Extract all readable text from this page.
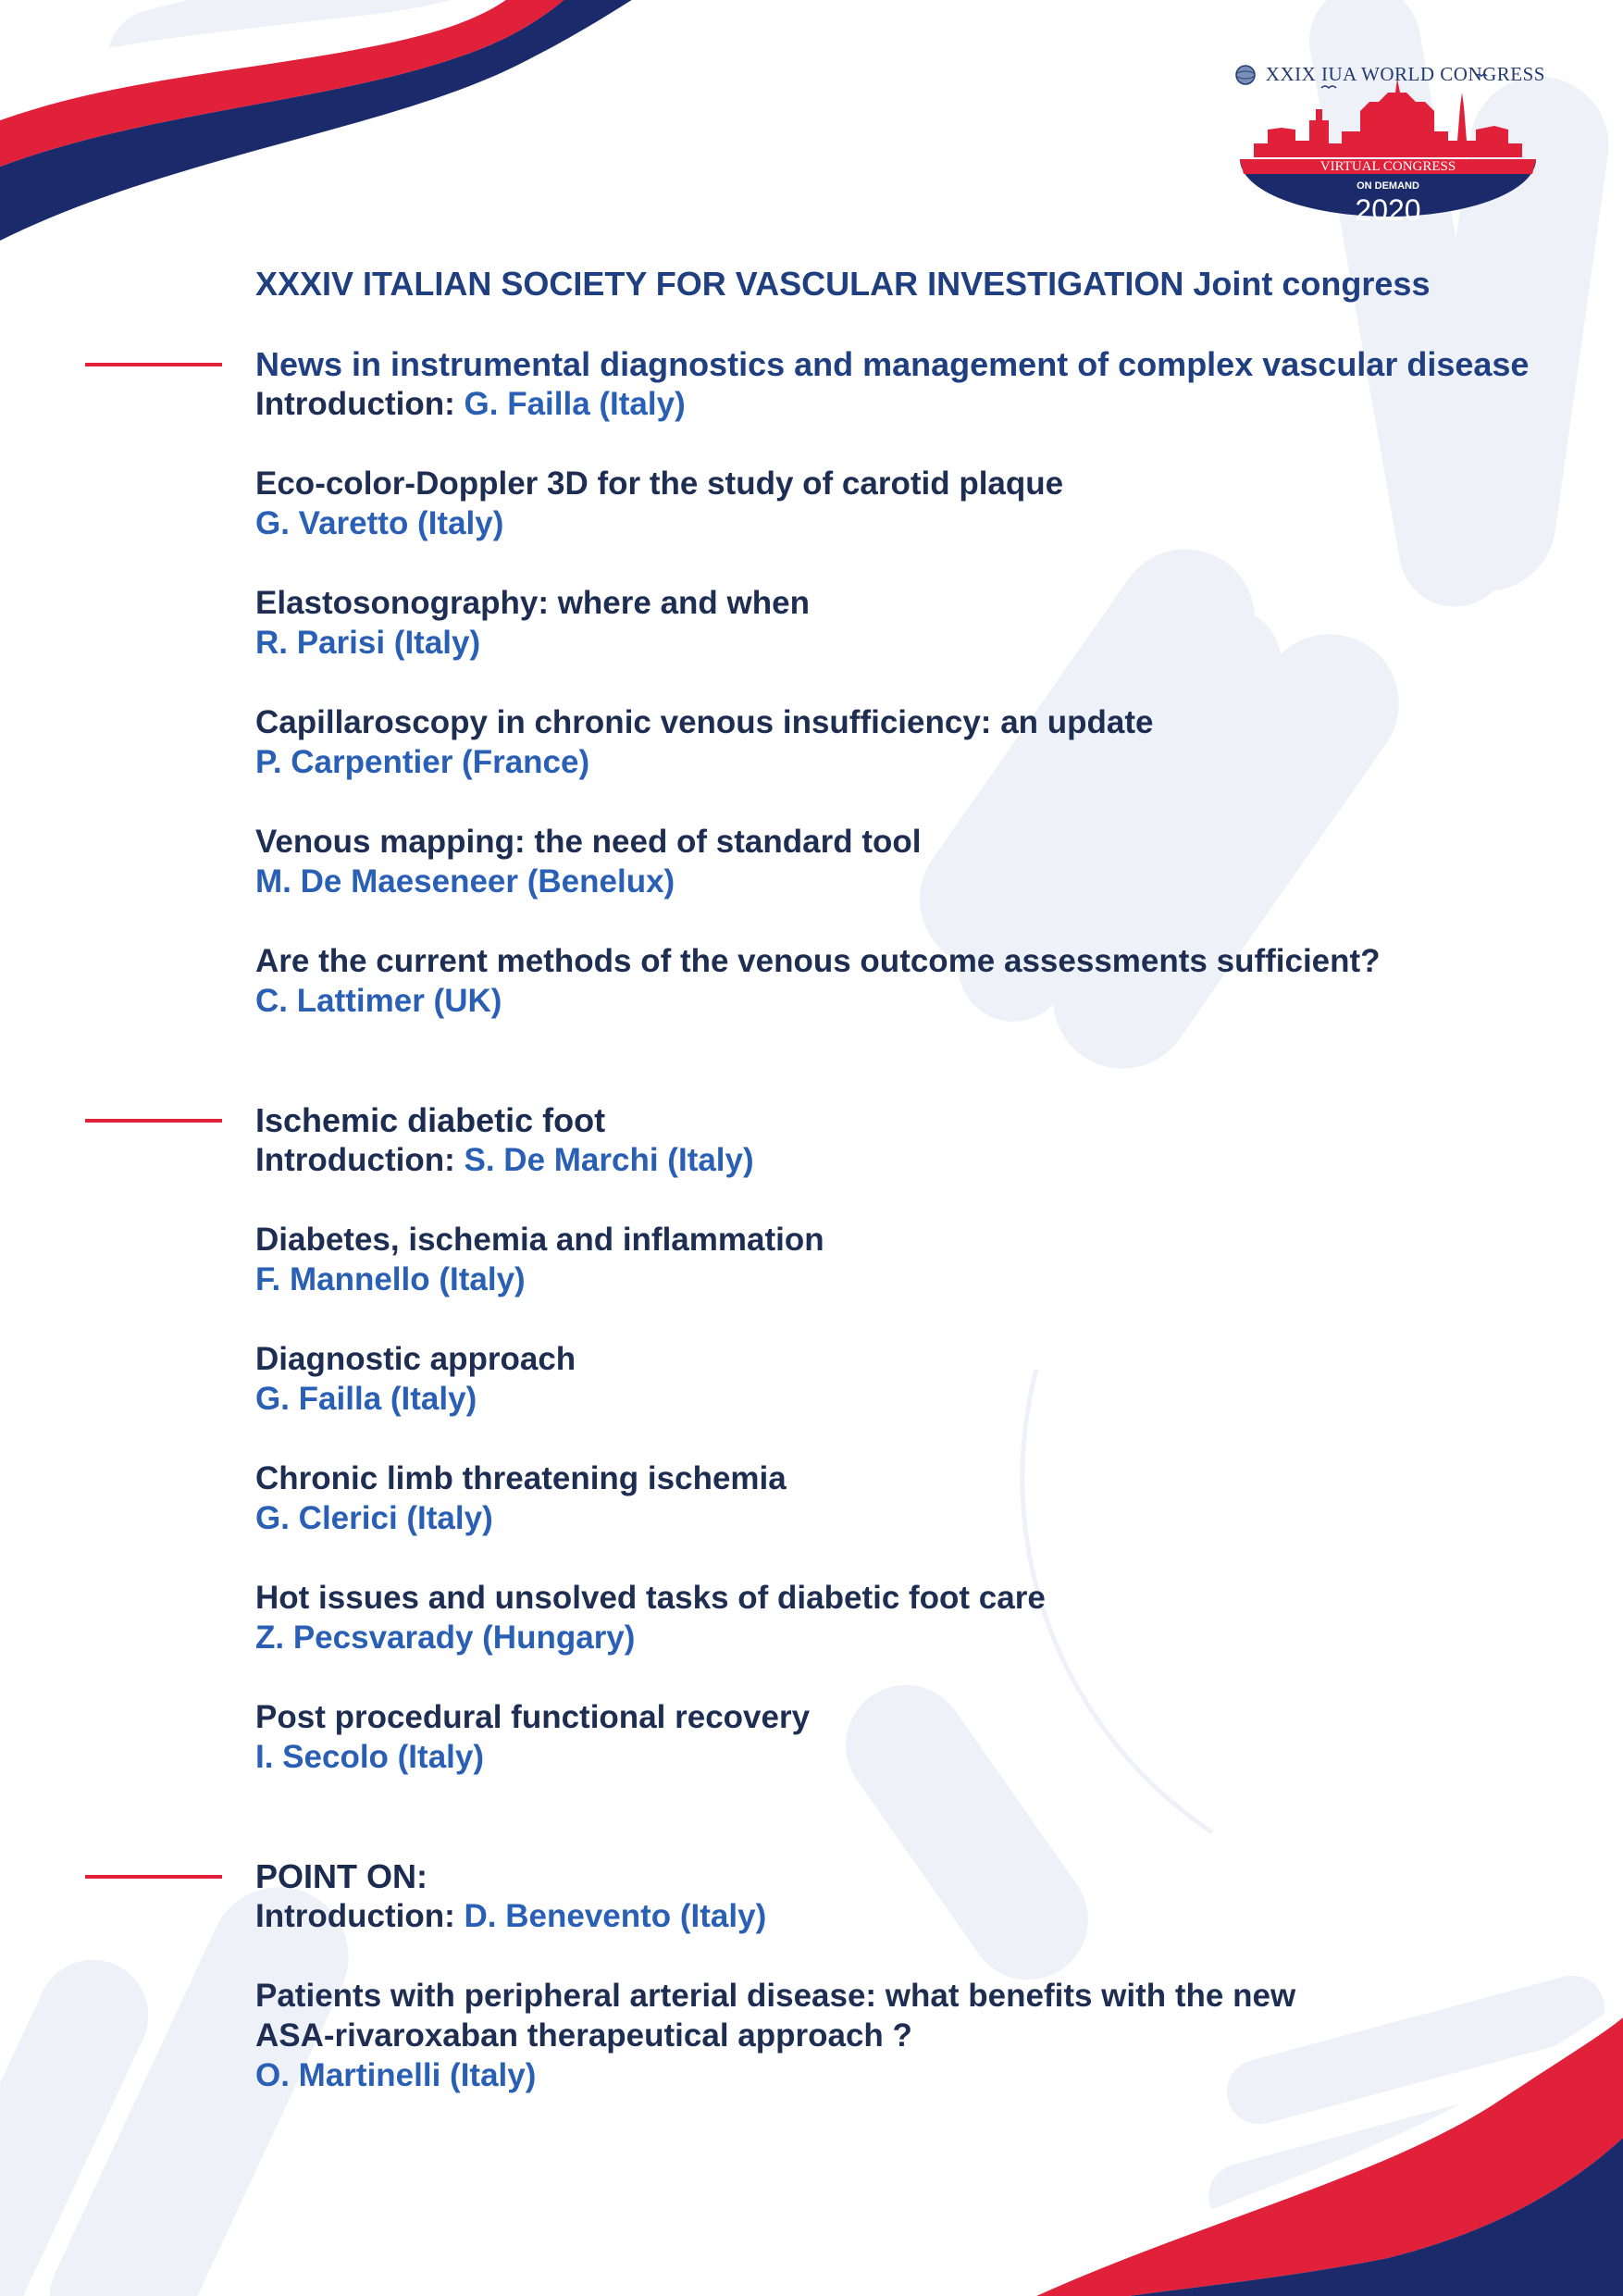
XXIX IUA WORLD CONGRESS
VIRTUAL CONGRESS
ON DEMAND
2020

XXXIV ITALIAN SOCIETY FOR VASCULAR INVESTIGATION Joint congress

News in instrumental diagnostics and management of complex vascular disease

Introduction: G. Failla (Italy)

Eco-color-Doppler 3D for the study of carotid plaque

G. Varetto (Italy)

Elastosonography: where and when

R. Parisi (Italy)

Capillaroscopy in chronic venous insufficiency: an update

P. Carpentier (France)

Venous mapping: the need of standard tool

M. De Maeseneer (Benelux)

Are the current methods of the venous outcome assessments sufficient?

C. Lattimer (UK)

Ischemic diabetic foot

Introduction: S. De Marchi (Italy)

Diabetes, ischemia and inflammation

F. Mannello (Italy)

Diagnostic approach

G. Failla (Italy)

Chronic limb threatening ischemia

G. Clerici (Italy)

Hot issues and unsolved tasks of diabetic foot care

Z. Pecsvarady (Hungary)

Post procedural functional recovery

I. Secolo (Italy)

POINT ON:

Introduction: D. Benevento (Italy)

Patients with peripheral arterial disease: what benefits with the new

ASA-rivaroxaban therapeutical approach ?

O. Martinelli (Italy)
